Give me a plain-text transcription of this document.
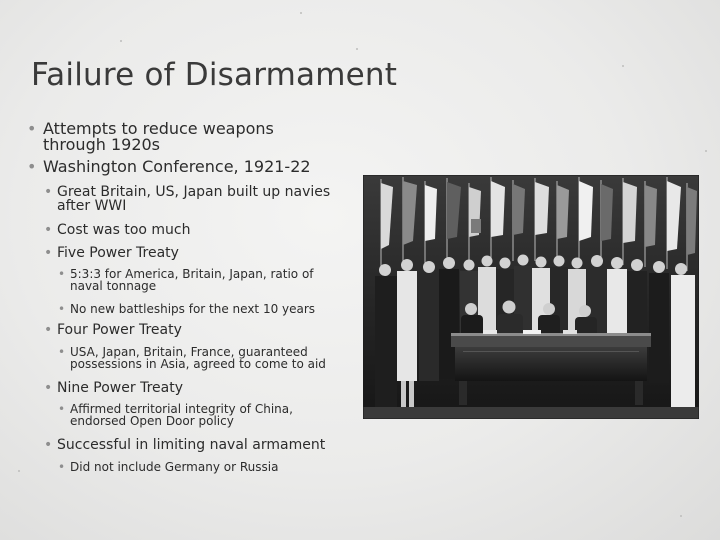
Failure of Disarmament

• Attempts to reduce weapons through 1920s

• Washington Conference, 1921-22

• Great Britain, US, Japan built up navies after WWI

• Cost was too much

• Five Power Treaty

• 5:3:3 for America, Britain, Japan, ratio of naval tonnage

• No new battleships for the next 10 years

• Four Power Treaty

• USA, Japan, Britain, France, guaranteed possessions in Asia, agreed to come to aid

• Nine Power Treaty

• Affirmed territorial integrity of China, endorsed Open Door policy

• Successful in limiting naval armament

• Did not include Germany or Russia
